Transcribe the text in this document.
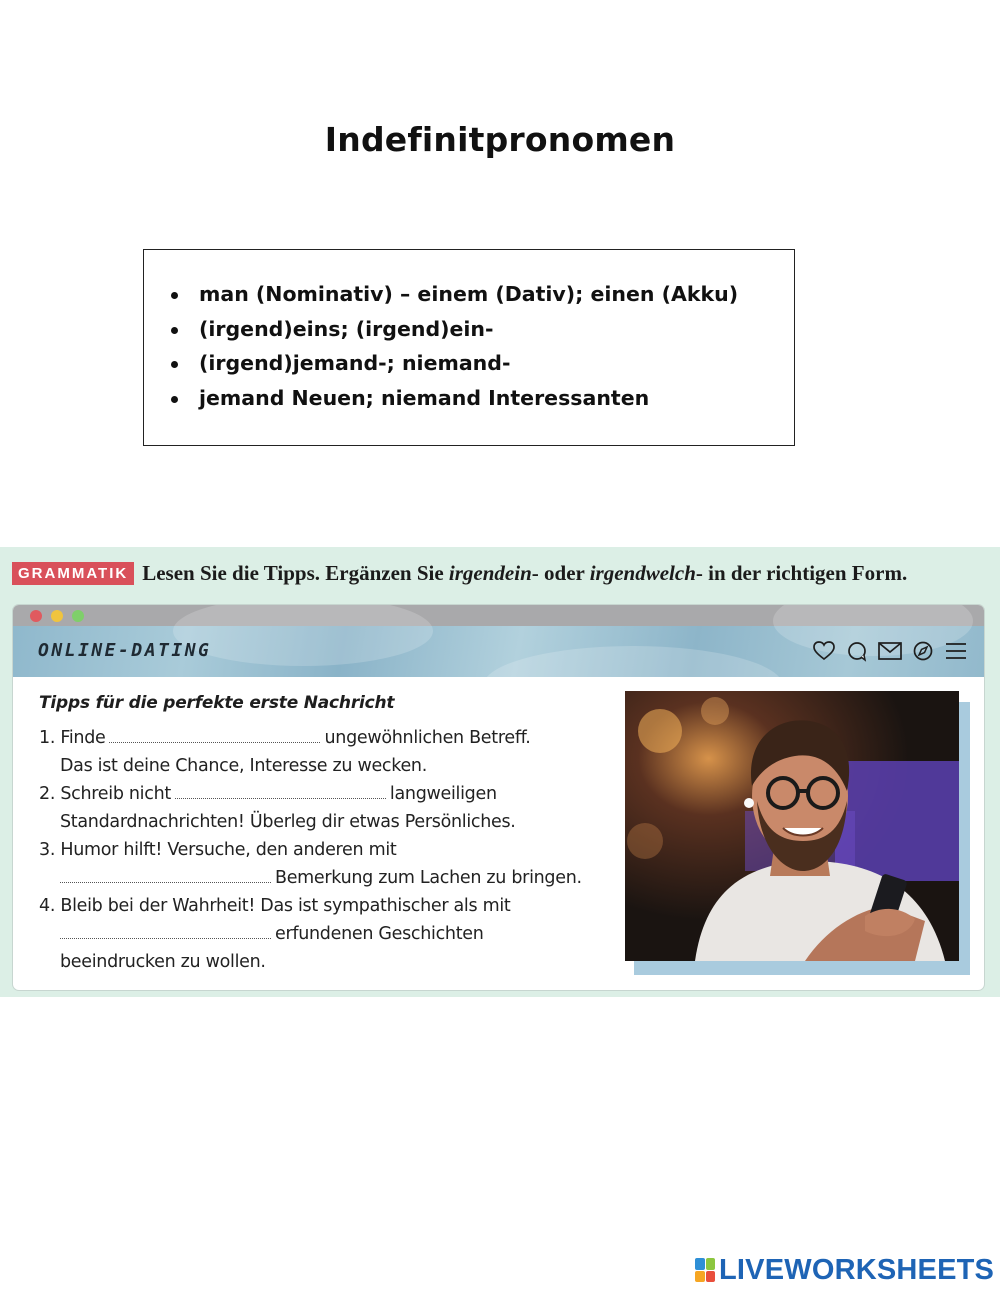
Indefinitpronomen
man (Nominativ) – einem (Dativ); einen (Akku)
(irgend)eins; (irgend)ein-
(irgend)jemand-; niemand-
jemand Neuen; niemand Interessanten
GRAMMATIK Lesen Sie die Tipps. Ergänzen Sie irgendein- oder irgendwelch- in der richtigen Form.
ONLINE-DATING
Tipps für die perfekte erste Nachricht
1. Finde	ungewöhnlichen Betreff.
Das ist deine Chance, Interesse zu wecken.
2. Schreib nicht	langweiligen
Standardnachrichten! Überleg dir etwas Persönliches.
3. Humor hilft! Versuche, den anderen mit
Bemerkung zum Lachen zu bringen.
4. Bleib bei der Wahrheit! Das ist sympathischer als mit
erfundenen Geschichten
beeindrucken zu wollen.
LIVEWORKSHEETS
